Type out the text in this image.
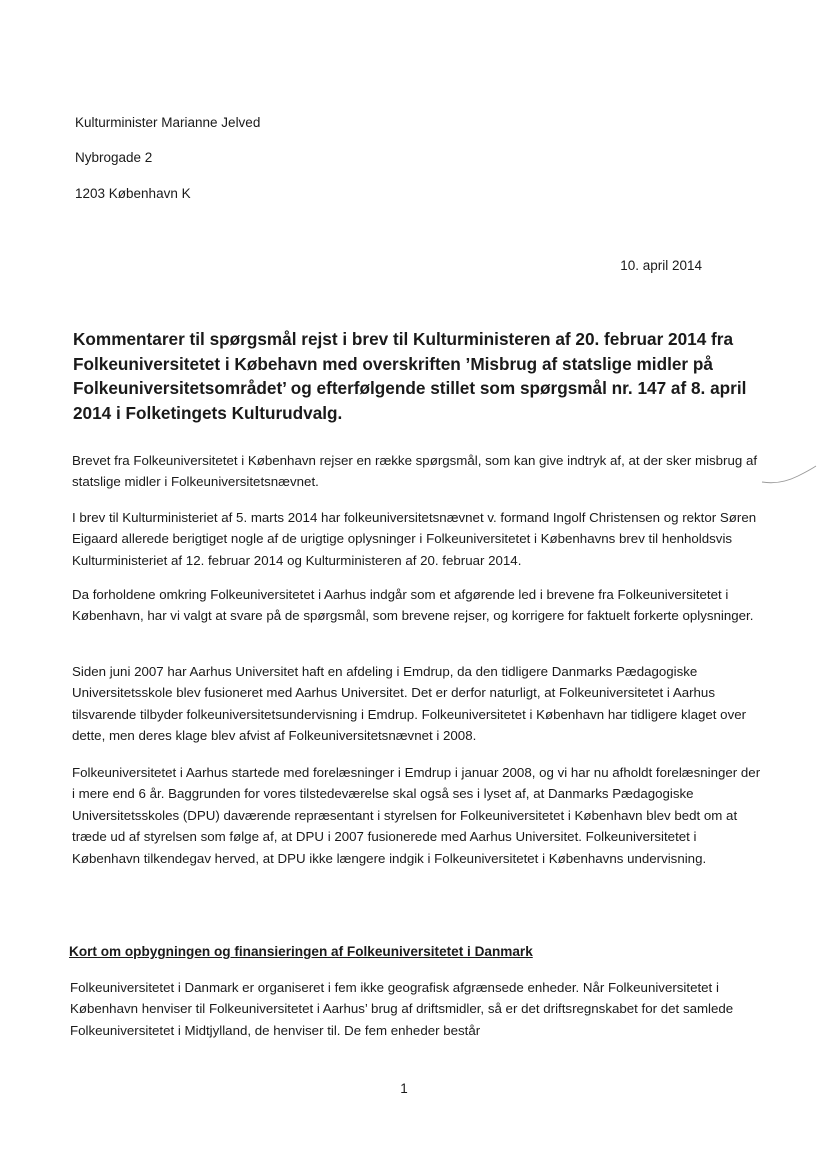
Kulturminister Marianne Jelved
Nybrogade 2
1203 København K
10. april 2014
Kommentarer til spørgsmål rejst i brev til Kulturministeren af 20. februar 2014 fra Folkeuniversitetet i Købehavn med overskriften ’Misbrug af statslige midler på Folkeuniversitetsområdet’ og efterfølgende stillet som spørgsmål nr. 147 af 8. april 2014 i Folketingets Kulturudvalg.

Brevet fra Folkeuniversitetet i København rejser en række spørgsmål, som kan give indtryk af, at der sker misbrug af statslige midler i Folkeuniversitetsnævnet.

I brev til Kulturministeriet af 5. marts 2014 har folkeuniversitetsnævnet v. formand Ingolf Christensen og rektor Søren Eigaard allerede berigtiget nogle af de urigtige oplysninger i Folkeuniversitetet i Københavns brev til henholdsvis Kulturministeriet af 12. februar 2014 og Kulturministeren af 20. februar 2014.

Da forholdene omkring Folkeuniversitetet i Aarhus indgår som et afgørende led i brevene fra Folkeuniversitetet i København, har vi valgt at svare på de spørgsmål, som brevene rejser, og korrigere for faktuelt forkerte oplysninger.

Siden juni 2007 har Aarhus Universitet haft en afdeling i Emdrup, da den tidligere Danmarks Pædagogiske Universitetsskole blev fusioneret med Aarhus Universitet. Det er derfor naturligt, at Folkeuniversitetet i Aarhus tilsvarende tilbyder folkeuniversitetsundervisning i Emdrup. Folkeuniversitetet i København har tidligere klaget over dette, men deres klage blev afvist af Folkeuniversitetsnævnet i 2008.

Folkeuniversitetet i Aarhus startede med forelæsninger i Emdrup i januar 2008, og vi har nu afholdt forelæsninger der i mere end 6 år. Baggrunden for vores tilstedeværelse skal også ses i lyset af, at Danmarks Pædagogiske Universitetsskoles (DPU) daværende repræsentant i styrelsen for Folkeuniversitetet i København blev bedt om at træde ud af styrelsen som følge af, at DPU i 2007 fusionerede med Aarhus Universitet. Folkeuniversitetet i København tilkendegav herved, at DPU ikke længere indgik i Folkeuniversitetet i Københavns undervisning.

Kort om opbygningen og finansieringen af Folkeuniversitetet i Danmark

Folkeuniversitetet i Danmark er organiseret i fem ikke geografisk afgrænsede enheder. Når Folkeuniversitetet i København henviser til Folkeuniversitetet i Aarhus’ brug af driftsmidler, så er det driftsregnskabet for det samlede Folkeuniversitetet i Midtjylland, de henviser til. De fem enheder består

1
